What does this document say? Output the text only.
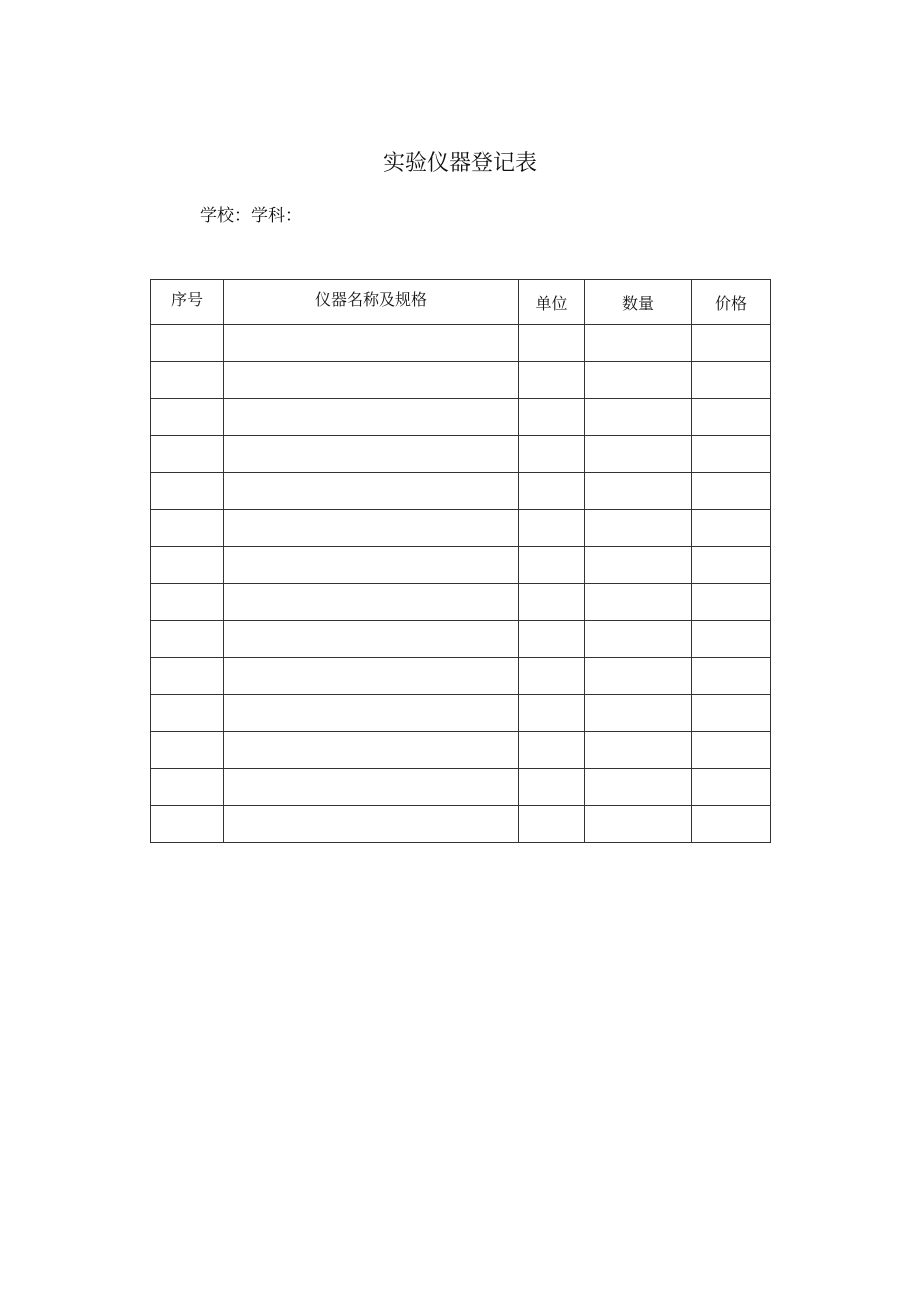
实验仪器登记表
学校：学科：
序号	仪器名称及规格	单位	数量	价格
